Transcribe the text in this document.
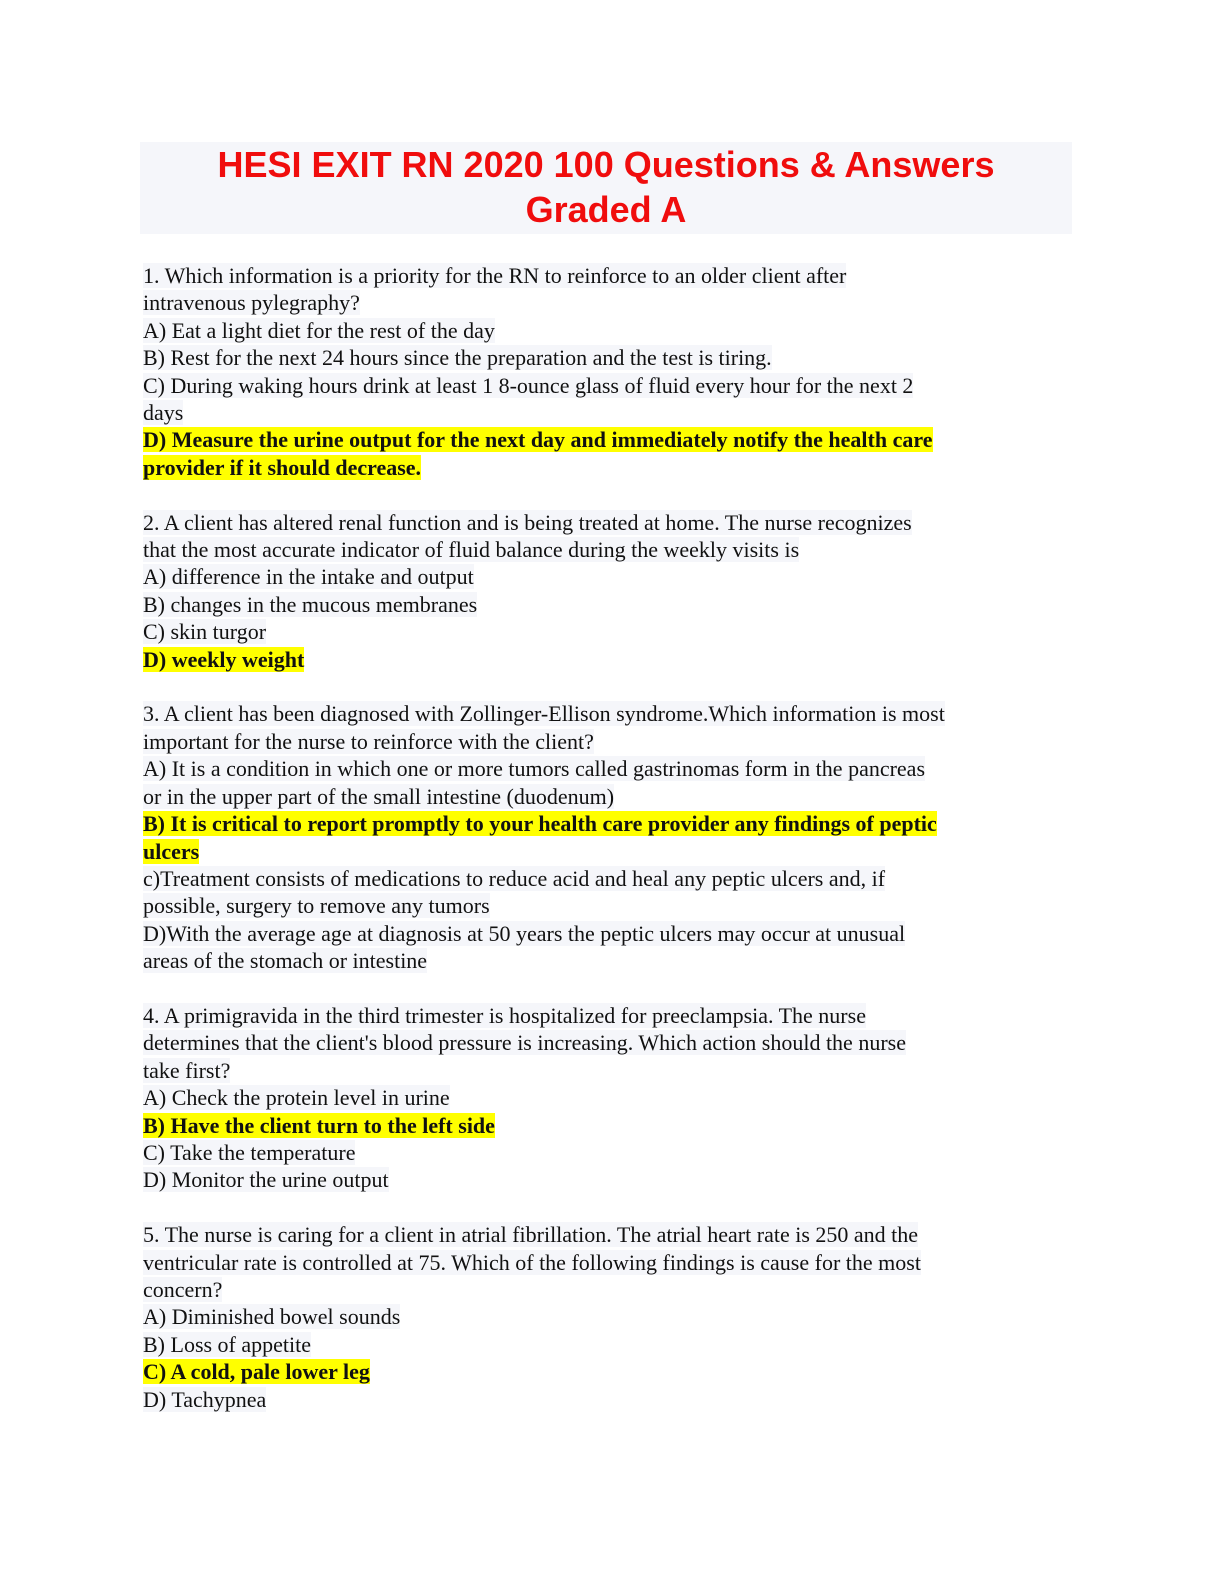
HESI EXIT RN 2020 100 Questions & Answers
Graded A
1. Which information is a priority for the RN to reinforce to an older client after
intravenous pylegraphy?
A) Eat a light diet for the rest of the day
B) Rest for the next 24 hours since the preparation and the test is tiring.
C) During waking hours drink at least 1 8-ounce glass of fluid every hour for the next 2
days
D) Measure the urine output for the next day and immediately notify the health care
provider if it should decrease.
2. A client has altered renal function and is being treated at home. The nurse recognizes
that the most accurate indicator of fluid balance during the weekly visits is
A) difference in the intake and output
B) changes in the mucous membranes
C) skin turgor
D) weekly weight
3. A client has been diagnosed with Zollinger-Ellison syndrome.Which information is most
important for the nurse to reinforce with the client?
A) It is a condition in which one or more tumors called gastrinomas form in the pancreas
or in the upper part of the small intestine (duodenum)
B) It is critical to report promptly to your health care provider any findings of peptic
ulcers
c)Treatment consists of medications to reduce acid and heal any peptic ulcers and, if
possible, surgery to remove any tumors
D)With the average age at diagnosis at 50 years the peptic ulcers may occur at unusual
areas of the stomach or intestine
4. A primigravida in the third trimester is hospitalized for preeclampsia. The nurse
determines that the client's blood pressure is increasing. Which action should the nurse
take first?
A) Check the protein level in urine
B) Have the client turn to the left side
C) Take the temperature
D) Monitor the urine output
5. The nurse is caring for a client in atrial fibrillation. The atrial heart rate is 250 and the
ventricular rate is controlled at 75. Which of the following findings is cause for the most
concern?
A) Diminished bowel sounds
B) Loss of appetite
C) A cold, pale lower leg
D) Tachypnea
